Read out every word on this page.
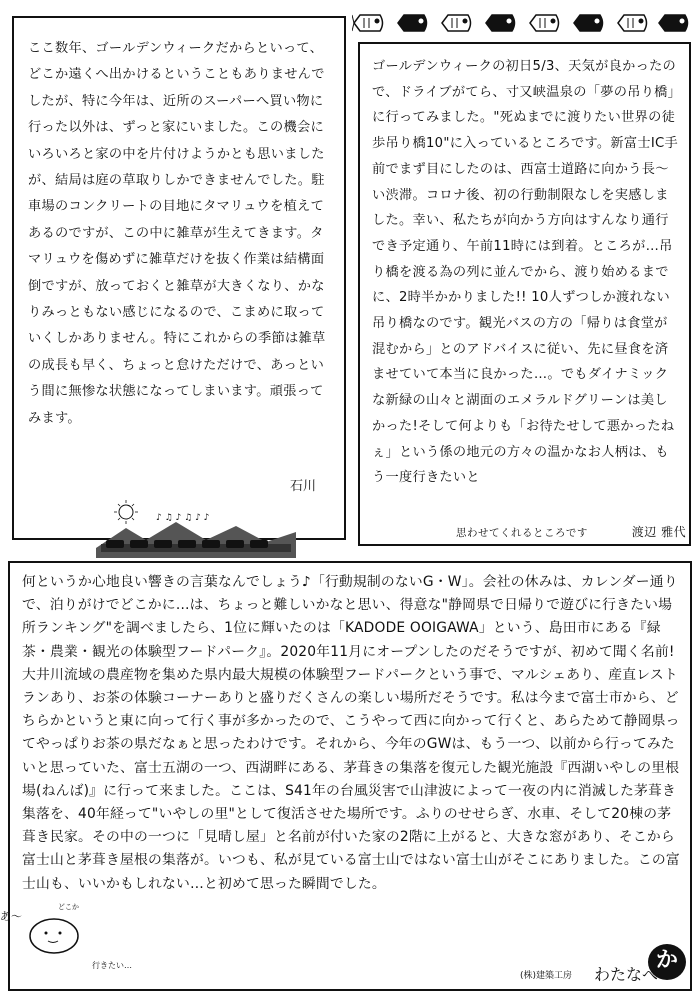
ここ数年、ゴールデンウィークだからといって、どこか遠くへ出かけるということもありませんでしたが、特に今年は、近所のスーパーへ買い物に行った以外は、ずっと家にいました。この機会にいろいろと家の中を片付けようかとも思いましたが、結局は庭の草取りしかできませんでした。駐車場のコンクリートの目地にタマリュウを植えてあるのですが、この中に雑草が生えてきます。タマリュウを傷めずに雑草だけを抜く作業は結構面倒ですが、放っておくと雑草が大きくなり、かなりみっともない感じになるので、こまめに取っていくしかありません。特にこれからの季節は雑草の成長も早く、ちょっと怠けただけで、あっという間に無惨な状態になってしまいます。頑張ってみます。

石川

ゴールデンウィークの初日5/3、天気が良かったので、ドライブがてら、寸又峡温泉の「夢の吊り橋」に行ってみました。"死ぬまでに渡りたい世界の徒歩吊り橋10"に入っているところです。新富士IC手前でまず目にしたのは、西富士道路に向かう長～い渋滞。コロナ後、初の行動制限なしを実感しました。幸い、私たちが向かう方向はすんなり通行でき予定通り、午前11時には到着。ところが…吊り橋を渡る為の列に並んでから、渡り始めるまでに、2時半かかりました!! 10人ずつしか渡れない吊り橋なのです。観光バスの方の「帰りは食堂が混むから」とのアドバイスに従い、先に昼食を済ませていて本当に良かった…。でもダイナミックな新緑の山々と湖面のエメラルドグリーンは美しかった!そして何よりも「お待たせして悪かったねぇ」という係の地元の方々の温かなお人柄は、もう一度行きたいと

思わせてくれるところです	渡辺 雅代
♪ ♫ ♪ ♫ ♪ ♪

何というか心地良い響きの言葉なんでしょう♪「行動規制のないG・W」。会社の休みは、カレンダー通りで、泊りがけでどこかに…は、ちょっと難しいかなと思い、得意な"静岡県で日帰りで遊びに行きたい場所ランキング"を調べましたら、1位に輝いたのは「KADODE OOIGAWA」という、島田市にある『緑茶・農業・観光の体験型フードパーク』。2020年11月にオープンしたのだそうですが、初めて聞く名前!大井川流域の農産物を集めた県内最大規模の体験型フードパークという事で、マルシェあり、産直レストランあり、お茶の体験コーナーありと盛りだくさんの楽しい場所だそうです。私は今まで富士市から、どちらかというと東に向って行く事が多かったので、こうやって西に向かって行くと、あらためて静岡県ってやっぱりお茶の県だなぁと思ったわけです。それから、今年のGWは、もう一つ、以前から行ってみたいと思っていた、富士五湖の一つ、西湖畔にある、茅葺きの集落を復元した観光施設『西湖いやしの里根場(ねんば)』に行って来ました。ここは、S41年の台風災害で山津波によって一夜の内に消滅した茅葺き集落を、40年経って"いやしの里"として復活させた場所です。ふりのせせらぎ、水車、そして20棟の茅葺き民家。その中の一つに「見晴し屋」と名前が付いた家の2階に上がると、大きな窓があり、そこから富士山と茅葺き屋根の集落が。いつも、私が見ている富士山ではない富士山がそこにありました。この富士山も、いいかもしれない…と初めて思った瞬間でした。

あ〜
どこか
行きたい…	か
(株)建築工房 わたなべ
